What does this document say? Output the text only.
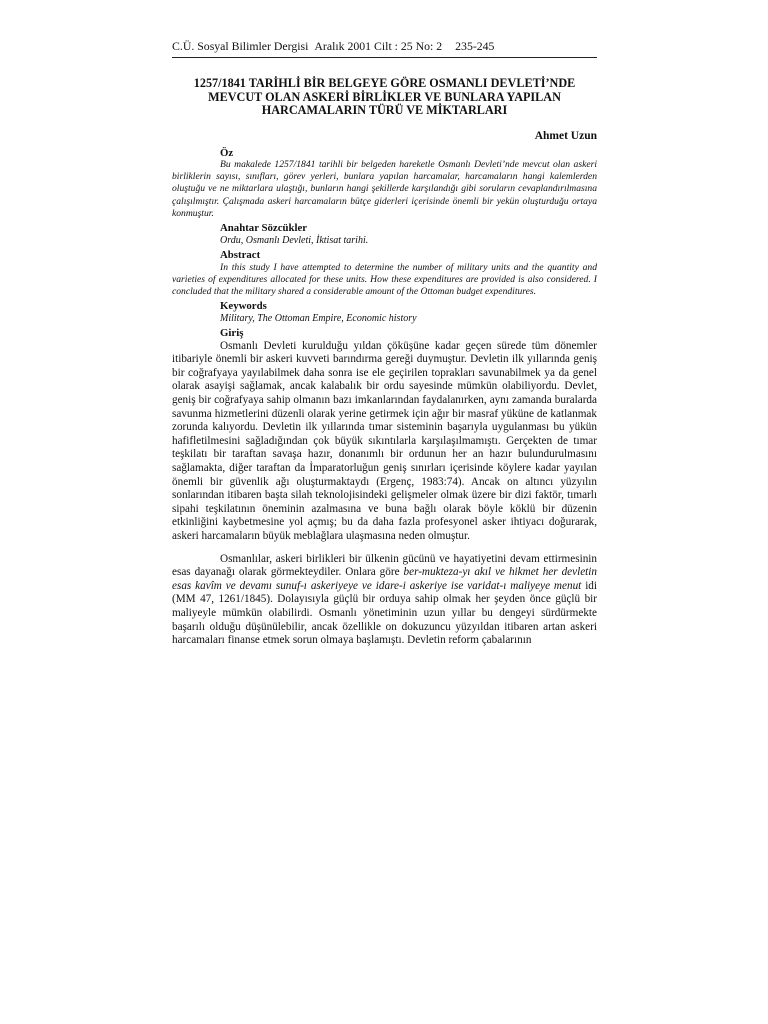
C.Ü. Sosyal Bilimler Dergisi Aralık 2001 Cilt : 25 No: 2 235-245
1257/1841 TARİHLİ BİR BELGEYE GÖRE OSMANLI DEVLETİ’NDE
MEVCUT OLAN ASKERİ BİRLİKLER VE BUNLARA YAPILAN
HARCAMALARIN TÜRÜ VE MİKTARLARI
Ahmet Uzun
Öz

Bu makalede 1257/1841 tarihli bir belgeden hareketle Osmanlı Devleti’nde mevcut olan askeri birliklerin sayısı, sınıfları, görev yerleri, bunlara yapılan harcamalar, harcamaların hangi kalemlerden oluştuğu ve ne miktarlara ulaştığı, bunların hangi şekillerde karşılandığı gibi soruların cevaplandırılmasına çalışılmıştır. Çalışmada askeri harcamaların bütçe giderleri içerisinde önemli bir yekün oluşturduğu ortaya konmuştur.

Anahtar Sözcükler
Ordu, Osmanlı Devleti, İktisat tarihi.
Abstract

In this study I have attempted to determine the number of military units and the quantity and varieties of expenditures allocated for these units. How these expenditures are provided is also considered. I concluded that the military shared a considerable amount of the Ottoman budget expenditures.

Keywords
Military, The Ottoman Empire, Economic history
Giriş

Osmanlı Devleti kurulduğu yıldan çöküşüne kadar geçen sürede tüm dönemler itibariyle önemli bir askeri kuvveti barındırma gereği duymuştur. Devletin ilk yıllarında geniş bir coğrafyaya yayılabilmek daha sonra ise ele geçirilen toprakları savunabilmek ya da genel olarak asayişi sağlamak, ancak kalabalık bir ordu sayesinde mümkün olabiliyordu. Devlet, geniş bir coğrafyaya sahip olmanın bazı imkanlarından faydalanırken, aynı zamanda buralarda savunma hizmetlerini düzenli olarak yerine getirmek için ağır bir masraf yüküne de katlanmak zorunda kalıyordu. Devletin ilk yıllarında tımar sisteminin başarıyla uygulanması bu yükün hafifletilmesini sağladığından çok büyük sıkıntılarla karşılaşılmamıştı. Gerçekten de tımar teşkilatı bir taraftan savaşa hazır, donanımlı bir ordunun her an hazır bulundurulmasını sağlamakta, diğer taraftan da İmparatorluğun geniş sınırları içerisinde köylere kadar yayılan önemli bir güvenlik ağı oluşturmaktaydı (Ergenç, 1983:74). Ancak on altıncı yüzyılın sonlarından itibaren başta silah teknolojisindeki gelişmeler olmak üzere bir dizi faktör, tımarlı sipahi teşkilatının öneminin azalmasına ve buna bağlı olarak böyle köklü bir düzenin etkinliğini kaybetmesine yol açmış; bu da daha fazla profesyonel asker ihtiyacı doğurarak, askeri harcamaların büyük meblağlara ulaşmasına neden olmuştur.

Osmanlılar, askeri birlikleri bir ülkenin gücünü ve hayatiyetini devam ettirmesinin esas dayanağı olarak görmekteydiler. Onlara göre ber-mukteza-yı akıl ve hikmet her devletin esas kavîm ve devamı sunuf-ı askeriyeye ve idare-i askeriye ise varidat-ı maliyeye menut idi (MM 47, 1261/1845). Dolayısıyla güçlü bir orduya sahip olmak her şeyden önce güçlü bir maliyeyle mümkün olabilirdi. Osmanlı yönetiminin uzun yıllar bu dengeyi sürdürmekte başarılı olduğu düşünülebilir, ancak özellikle on dokuzuncu yüzyıldan itibaren artan askeri harcamaları finanse etmek sorun olmaya başlamıştı. Devletin reform çabalarının
